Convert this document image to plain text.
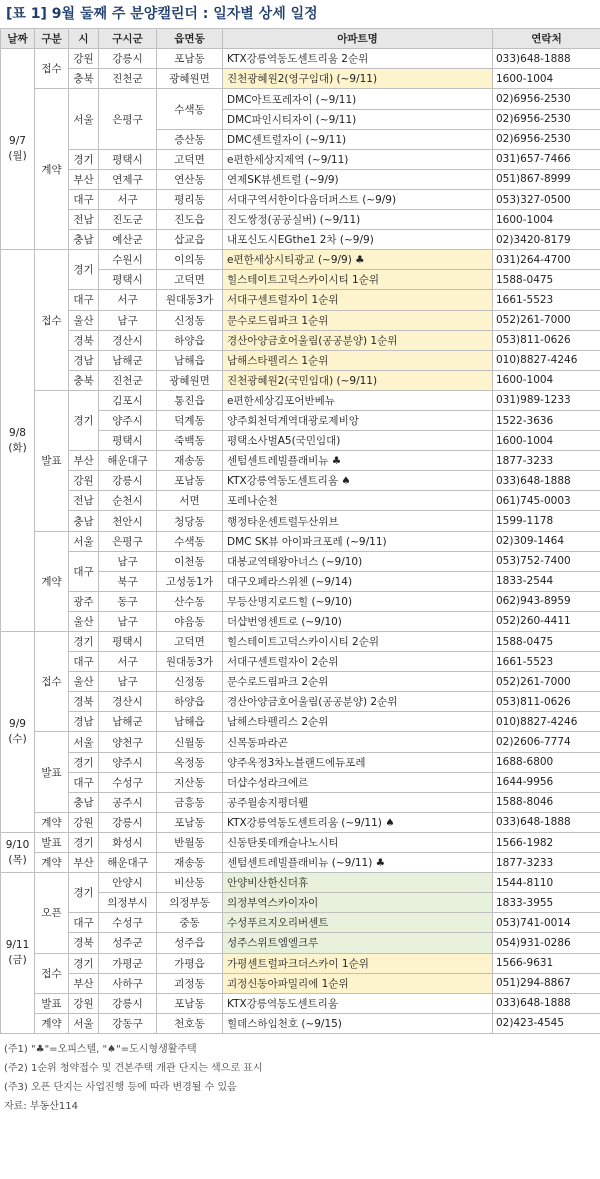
[표 1] 9월 둘째 주 분양캘린더 : 일자별 상세 일정
날짜	구분	시	구시군	읍면동	아파트명	연락처
9/7
(월)	접수	강원	강릉시	포남동	KTX강릉역동도센트리움 2순위	033)648-1888
		충북	진천군	광혜원면	진천광혜원2(영구임대) (~9/11)	1600-1004
	계약	서울	은평구	수색동	DMC아트포레자이 (~9/11)	02)6956-2530
					DMC파인시티자이 (~9/11)	02)6956-2530
				증산동	DMC센트럴자이 (~9/11)	02)6956-2530
		경기	평택시	고덕면	e편한세상지제역 (~9/11)	031)657-7466
		부산	연제구	연산동	연제SK뷰센트럴 (~9/9)	051)867-8999
		대구	서구	평리동	서대구역서한이다음더퍼스트 (~9/9)	053)327-0500
		전남	진도군	진도읍	진도쌍정(공공실버) (~9/11)	1600-1004
		충남	예산군	삽교읍	내포신도시EGthe1 2차 (~9/9)	02)3420-8179
9/8
(화)	접수	경기	수원시	이의동	e편한세상시티광교 (~9/9) ♣	031)264-4700
			평택시	고덕면	힐스테이트고덕스카이시티 1순위	1588-0475
		대구	서구	원대동3가	서대구센트럴자이 1순위	1661-5523
		울산	남구	신정동	문수로드림파크 1순위	052)261-7000
		경북	경산시	하양읍	경산아양금호어울림(공공분양) 1순위	053)811-0626
		경남	남해군	남해읍	남해스타펠리스 1순위	010)8827-4246
		충북	진천군	광혜원면	진천광혜원2(국민임대) (~9/11)	1600-1004
	발표	경기	김포시	통진읍	e편한세상김포어반베뉴	031)989-1233
			양주시	덕계동	양주회천덕계역대광로제비앙	1522-3636
			평택시	죽백동	평택소사벌A5(국민임대)	1600-1004
		부산	해운대구	재송동	센텀센트레빌플래비뉴 ♣	1877-3233
		강원	강릉시	포남동	KTX강릉역동도센트리움 ♠	033)648-1888
		전남	순천시	서면	포레나순천	061)745-0003
		충남	천안시	청당동	행정타운센트럴두산위브	1599-1178
	계약	서울	은평구	수색동	DMC SK뷰 아이파크포레 (~9/11)	02)309-1464
		대구	남구	이천동	대봉교역태왕아너스 (~9/10)	053)752-7400
			북구	고성동1가	대구오페라스위첸 (~9/14)	1833-2544
		광주	동구	산수동	무등산명지로드힐 (~9/10)	062)943-8959
		울산	남구	야음동	더샵번영센트로 (~9/10)	052)260-4411
9/9
(수)	접수	경기	평택시	고덕면	힐스테이트고덕스카이시티 2순위	1588-0475
		대구	서구	원대동3가	서대구센트럴자이 2순위	1661-5523
		울산	남구	신정동	문수로드림파크 2순위	052)261-7000
		경북	경산시	하양읍	경산아양금호어울림(공공분양) 2순위	053)811-0626
		경남	남해군	남해읍	남해스타펠리스 2순위	010)8827-4246
	발표	서울	양천구	신월동	신목동파라곤	02)2606-7774
		경기	양주시	옥정동	양주옥정3차노블랜드에듀포레	1688-6800
		대구	수성구	지산동	더샵수성라크에르	1644-9956
		충남	공주시	금흥동	공주월송지평더웰	1588-8046
	계약	강원	강릉시	포남동	KTX강릉역동도센트리움 (~9/11) ♠	033)648-1888
9/10
(목)	발표	경기	화성시	반월동	신동탄롯데캐슬나노시티	1566-1982
	계약	부산	해운대구	재송동	센텀센트레빌플래비뉴 (~9/11) ♣	1877-3233
9/11
(금)	오픈	경기	안양시	비산동	안양비산한신더휴	1544-8110
			의정부시	의정부동	의정부역스카이자이	1833-3955
		대구	수성구	중동	수성푸르지오리버센트	053)741-0014
		경북	성주군	성주읍	성주스위트엠엘크루	054)931-0286
	접수	경기	가평군	가평읍	가평센트럴파크더스카이 1순위	1566-9631
		부산	사하구	괴정동	괴정신동아파밀리에 1순위	051)294-8867
	발표	강원	강릉시	포남동	KTX강릉역동도센트리움	033)648-1888
	계약	서울	강동구	천호동	힐데스하임천호 (~9/15)	02)423-4545
(주1) "♣"=오피스텔, "♠"=도시형생활주택
(주2) 1순위 청약접수 및 견본주택 개관 단지는 색으로 표시
(주3) 오픈 단지는 사업진행 등에 따라 변경될 수 있음
자료: 부동산114
